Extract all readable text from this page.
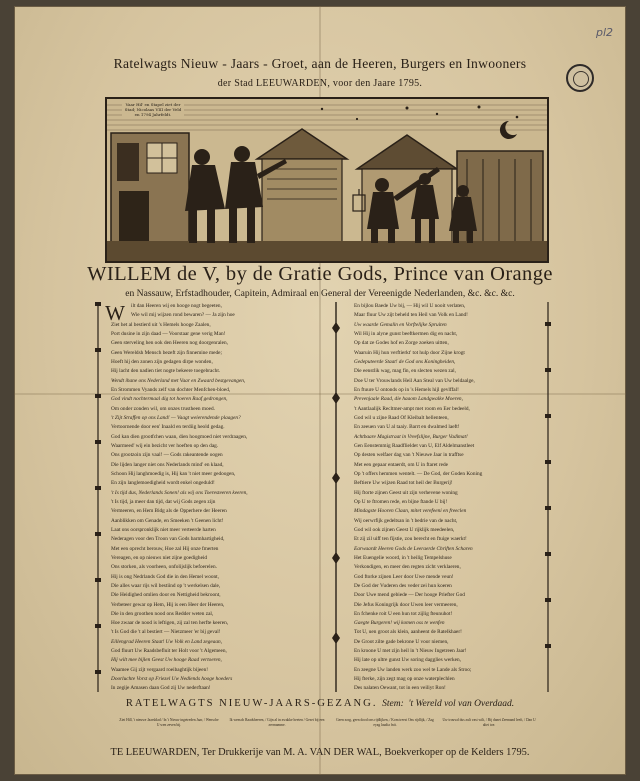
pl2
Ratelwagts Nieuw - Jaars - Groet, aan de Heeren, Burgers en Inwooners
der Stad LEEUWARDEN, voor den Jaare 1795.
Vaar Hil' en Stapel ziet der Stad; Nicolaas VIII der Veld en 1794 Jahrfeldt.
WILLEM de V, by de Gratie Gods, Prince van Orange
en Nassauw, Erfstadhouder, Capitein, Admiraal en General der Vereenigde Nederlanden, &c. &c. &c.
W	ilt dan Heeren wij en hooge nogt begeeten,
Wie wil mij wijzen rond bewaren? — Ja zijn hoe
Ziet het al bestierd uit 's Hemels hooge Zaalen,
Port dusine in zijn daad — Voorstaar gene verig Man!
Geen sterveling hen ook den Heeren nog doorgenralen,
Geen Wereldsh Mensch bezeft zijn finnemine mede;
Hoeft hij den zonen zijn gedagen dirpe wonden,
Hij lacht den nadien tiet nogte bekeere toegebracht.
Wendt ihane ons Nederland met Vaar en Zwaard bestgevangen,
En Strommen Vyands zelf van dochter Menfchen-bloed,
God vindt nochtermaal dig tot hoeren Raaf gedrongen,
Om onder zonden wil, om onzes trustheen moed.
't Zijt Straffen op ons Land! — Vaagt weierendende plaagen?
Vertoornende door een' Inaald en terdiig heold gedag.
God kan dien grootfchen waan, dien hoogmoed niet verdraagen,
Waarmeed' wij ein bezicht ver hoeften op den dag.
Ons grootzoin zijn vaal! — Gods rakeantende oogen
Die lijden langer niet ons Nederlands mind' en klaad,
Schoon Hij langhmoedig is, Hij kan 't niet meer gedoogen,
En zijn langlemoedigheid wordt enkel ongeduld!
't Is tijd dus, Nederlands Sonen! als wij ons Toeresteeren keeren,
't Is tijd, ja meer dan tijd, dat wij Gods zegen zijn
Vermeeren, en Hem Bidg als de Opperhere der Heeren
Aanblikken om Genade, en Smeeken 't Geenen licht!
Laat ons oorspronklijk niet meer verteerde harten
Nederagen voor den Troon van Gods barmhartigheid,
Met een oprecht berouw, Hoe zal Hij onze fmerten
Vereagen, en op nieuws niet zijne goedigheid
Ons storken, als voorheen, onfolijslijk befoerelen.
Hij is ong Nedrlands God die in den Hemel woont,
Die alles waar rijs wil bestiind op 't werkelsen dale,
Die Heidighed omlien door en Nettigheid bekroont,
Verbeteer gewar op Hem, Hij is een Heer der Heeren,
Die in den groothen nood ons Redder weten zal,
Hoe zwaar de nood is leftigen, zij zal ten herfte keeren,
't Is God die 't al bestiert — Nietzmeer 'er bij geval!
Eillengrad Heeren Staat! Uw Volk en Land zegeaan,
God fluurt Uw Raadsbefluit ter Holt voor 't Algemeen,
Hij wilt mee bijlen Geest Uw hooge Raad vertoeren,
Waamee Gij zijt vergaard roeibaghtijk bijeen!
Doorluchte Vorst op Friezel Uw Nedlends hooge hoeders
In zegije Amasen daan God zij Uw nederftaan!
En bijlou Baede Uw bij, — Hij wil U nooit verlaten,
Maar fluur Uw zijt beheld ten Heil van Volk en Land!
Uw waarde Gemalin en Vorftelijke Spruiten
Wil Hij in alyne gunst beeftkermen dig en nacht,
Op dat ze Godes hof en Zorge zoeken uitten,
Waaruin Hij hun verftierkt' tot hulp door Zijne krogt
Gedeputeerde Staat! de God ons Koningheiden,
Die eenstlik wag, mag fin, en slecten wezen zal,
Doe U ter Vrouwlands Heil Aan Steal van Uw beldaalge,
En ftuure U ontonds op in 's Hemels hijl gevlffal!
Prevenjaale Raad, die haaom Landgwalke Moeren,
't Aantlaalijk Recltmer-ampt met room en Eer bedeeld,
God wil u zijne Raad Of Kleibalt hellenteen,
En zeeuen van U al taaiy. Barrt en dwalmed laeft!
Achtbaare Magistraat in Vreefslijne, Burger Vadimat!
Gen Eenstemmig Raadflieldet van U, Elf Aldelmanstleet
Op desten welfaer dag van 't Nieuwe Jaar in trafftse
Met een gepaar entaerdt, om U in ftaret rede
Op 't offers hemmen wentelt. — De God, der Goden Koning
Beftiere Uw wijzen Raad tot heil der Burgerij!
Hij ftorte zijnen Geest uit zijn verhevene woning
Op U te ftromen rede, en bijne ftande U bij!
Mindagste Hooren Claan, mitet verefeeni en freeclen
Wij oerwrfijk gedeltsan in 't bedrie van de nacht,
God wil ook zijnen Geest U rijklijk meedeelen,
Et zij zil uiff ten fijstie, zou berecht en ftuige waerkt!
Earwaardt Heeren Gods de Leeraerde Chriften Scharen
Het Euengelie woord, in 't heilig Tempelshuse
Verkondigen, en meer den regten zicht verklaeren,
God ftorke zijnen Leer door Uwe mende veun!
De God der Vuderen des veder zei hun koeren
Door Uwe mend gebiede — Der hooge Priefter God
Die Jefus Koningrijk door Uwen leer vermeeren,
En fchenke roit U een hun tot zijlig fteunuhot!
Gaegte Burgeren! wij komen oss te wenfen
Tot U, uen groot als klein, aanheent de Ratelkhaer!
De Groot zilte gade bekrone U voor niemen,
En kroone U met zijn heil in 't Nieuw Ingetreen Jaar!
Hij late op ultre gunst Uw soring dagglies werken,
En zeegne Uw landen werk zoo wel te Lande als Stroo;
Hij fterke, zijn zegt mag op onze waterplechlen
Des nalaten Oewant, tot in een veiliyt Ron!
RATELWAGTS NIEUW-JAARS-GEZANG. Stem: 't Wereld vol van Overdaad.
Ziet Hill, 't nieuwe Jaarsblad / In 't Nieuw ingetreden Jaar, / Wensche U wen zeven bij.
Ik wensch Raadsheeren, / Gijn al in zwakke heeten / Geset bij een zerrnamme.
Geen zorg, geen dood ons rijdlijken, / Kom treest Ons rijdlijk, / Zag eyag laudia fnit.
Uw trouwd dus zult vast wilt, / Bij danet Zeemand leeft, / Dan U altet toe.
TE LEEUWARDEN, Ter Drukkerije van M. A. VAN DER WAL, Boekverkoper op de Kelders 1795.
